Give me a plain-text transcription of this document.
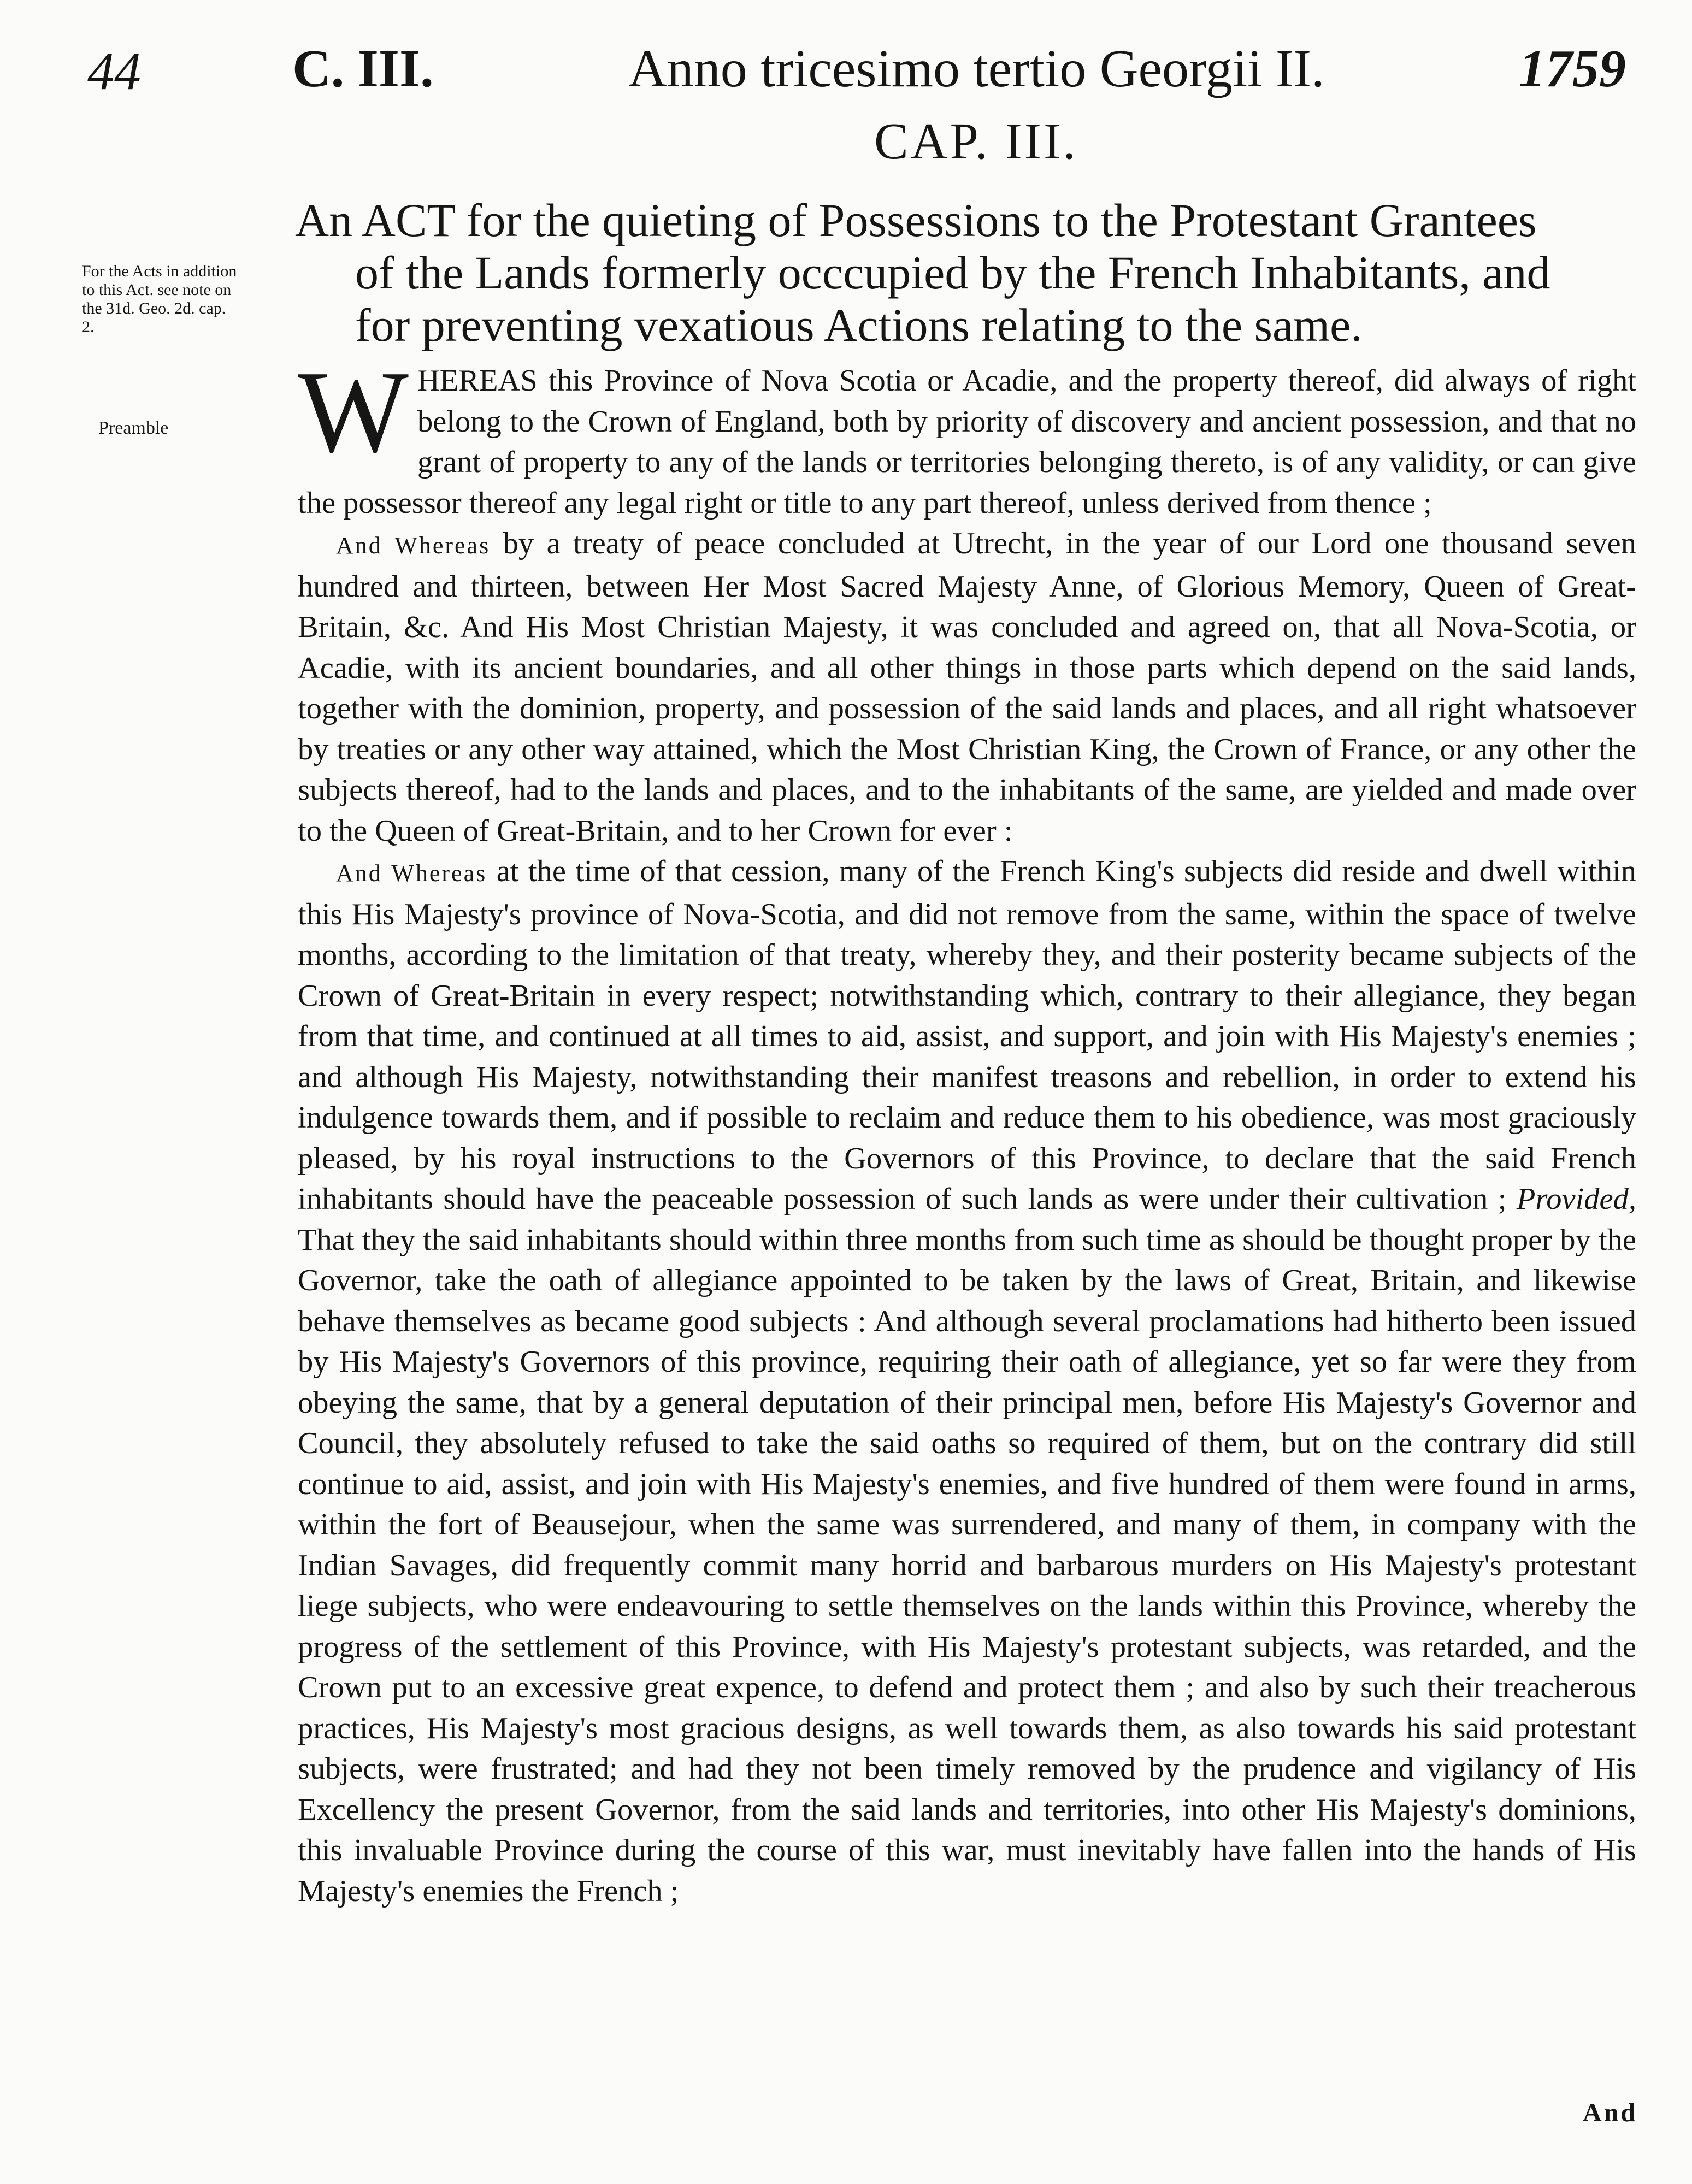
44	C. III.	Anno tricesimo tertio Georgii II.	1759
CAP. III.
An ACT for the quieting of Possessions to the Protestant Grantees
of the Lands formerly occcupied by the French Inhabitants, and
for preventing vexatious Actions relating to the same.
For the Acts in addition to this Act. see note on the 31d. Geo. 2d. cap. 2.
Preamble WHEREAS this Province of Nova Scotia or Acadie, and the property thereof, did always of right belong to the Crown of England, both by priority of discovery and ancient possession, and that no grant of property to any of the lands or territories belonging thereto, is of any validity, or can give the possessor thereof any legal right or title to any part thereof, unless derived from thence ;

And Whereas by a treaty of peace concluded at Utrecht, in the year of our Lord one thousand seven hundred and thirteen, between Her Most Sacred Majesty Anne, of Glorious Memory, Queen of Great-Britain, &c. And His Most Christian Majesty, it was concluded and agreed on, that all Nova-Scotia, or Acadie, with its ancient boundaries, and all other things in those parts which depend on the said lands, together with the dominion, property, and possession of the said lands and places, and all right whatsoever by treaties or any other way attained, which the Most Christian King, the Crown of France, or any other the subjects thereof, had to the lands and places, and to the inhabitants of the same, are yielded and made over to the Queen of Great-Britain, and to her Crown for ever :

And Whereas at the time of that cession, many of the French King's subjects did reside and dwell within this His Majesty's province of Nova-Scotia, and did not remove from the same, within the space of twelve months, according to the limitation of that treaty, whereby they, and their posterity became subjects of the Crown of Great-Britain in every respect; notwithstanding which, contrary to their allegiance, they began from that time, and continued at all times to aid, assist, and support, and join with His Majesty's enemies ; and although His Majesty, notwithstanding their manifest treasons and rebellion, in order to extend his indulgence towards them, and if possible to reclaim and reduce them to his obedience, was most graciously pleased, by his royal instructions to the Governors of this Province, to declare that the said French inhabitants should have the peaceable possession of such lands as were under their cultivation ; Provided, That they the said inhabitants should within three months from such time as should be thought proper by the Governor, take the oath of allegiance appointed to be taken by the laws of Great, Britain, and likewise behave themselves as became good subjects : And although several proclamations had hitherto been issued by His Majesty's Governors of this province, requiring their oath of allegiance, yet so far were they from obeying the same, that by a general deputation of their principal men, before His Majesty's Governor and Council, they absolutely refused to take the said oaths so required of them, but on the contrary did still continue to aid, assist, and join with His Majesty's enemies, and five hundred of them were found in arms, within the fort of Beausejour, when the same was surrendered, and many of them, in company with the Indian Savages, did frequently commit many horrid and barbarous murders on His Majesty's protestant liege subjects, who were endeavouring to settle themselves on the lands within this Province, whereby the progress of the settlement of this Province, with His Majesty's protestant subjects, was retarded, and the Crown put to an excessive great expence, to defend and protect them ; and also by such their treacherous practices, His Majesty's most gracious designs, as well towards them, as also towards his said protestant subjects, were frustrated; and had they not been timely removed by the prudence and vigilancy of His Excellency the present Governor, from the said lands and territories, into other His Majesty's dominions, this invaluable Province during the course of this war, must inevitably have fallen into the hands of His Majesty's enemies the French ;

And
